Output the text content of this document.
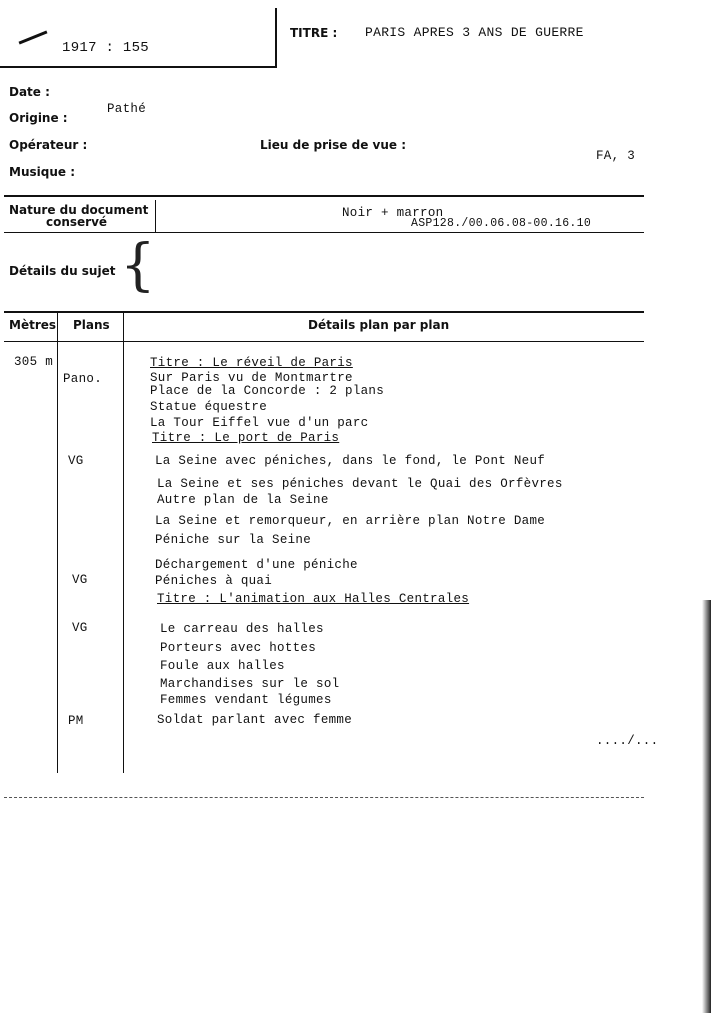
1917 : 155
TITRE : PARIS APRES 3 ANS DE GUERRE
Date :
Origine :
Pathé
Opérateur :	Lieu de prise de vue :
FA, 3
Musique :
Nature du document
conservé
Noir + marron
ASP128./00.06.08-00.16.10
Détails du sujet {
Mètres Plans	Détails plan par plan
305 m
Pano.
VG
VG
VG
PM
Titre : Le réveil de Paris
Sur Paris vu de Montmartre
Place de la Concorde : 2 plans
Statue équestre
La Tour Eiffel vue d'un parc
Titre : Le port de Paris
La Seine avec péniches, dans le fond, le Pont Neuf
La Seine et ses péniches devant le Quai des Orfèvres
Autre plan de la Seine
La Seine et remorqueur, en arrière plan Notre Dame
Péniche sur la Seine
Déchargement d'une péniche
Péniches à quai
Titre : L'animation aux Halles Centrales
Le carreau des halles
Porteurs avec hottes
Foule aux halles
Marchandises sur le sol
Femmes vendant légumes
Soldat parlant avec femme
..../...
